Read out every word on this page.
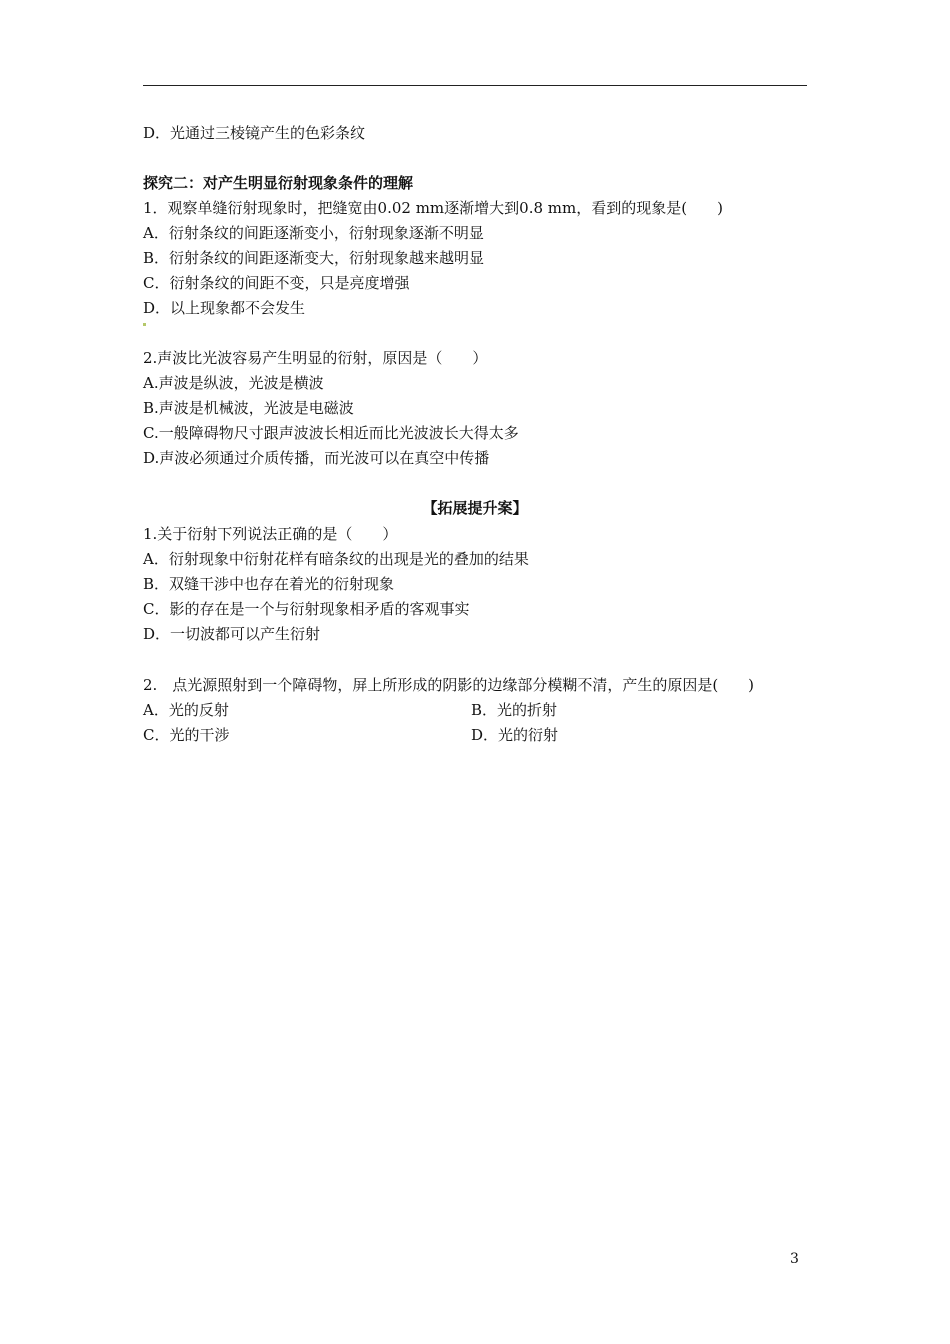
D．光通过三棱镜产生的色彩条纹
探究二：对产生明显衍射现象条件的理解
1．观察单缝衍射现象时，把缝宽由0.02 mm逐渐增大到0.8 mm，看到的现象是(　　)
A．衍射条纹的间距逐渐变小，衍射现象逐渐不明显
B．衍射条纹的间距逐渐变大，衍射现象越来越明显
C．衍射条纹的间距不变，只是亮度增强
D．以上现象都不会发生
2.声波比光波容易产生明显的衍射，原因是（　　）
A.声波是纵波，光波是横波
B.声波是机械波，光波是电磁波
C.一般障碍物尺寸跟声波波长相近而比光波波长大得太多
D.声波必须通过介质传播，而光波可以在真空中传播
【拓展提升案】
1.关于衍射下列说法正确的是（　　）
A．衍射现象中衍射花样有暗条纹的出现是光的叠加的结果
B．双缝干涉中也存在着光的衍射现象
C．影的存在是一个与衍射现象相矛盾的客观事实
D．一切波都可以产生衍射
2.　点光源照射到一个障碍物，屏上所形成的阴影的边缘部分模糊不清，产生的原因是(　　)
A．光的反射	B．光的折射
C．光的干涉	D．光的衍射
3
